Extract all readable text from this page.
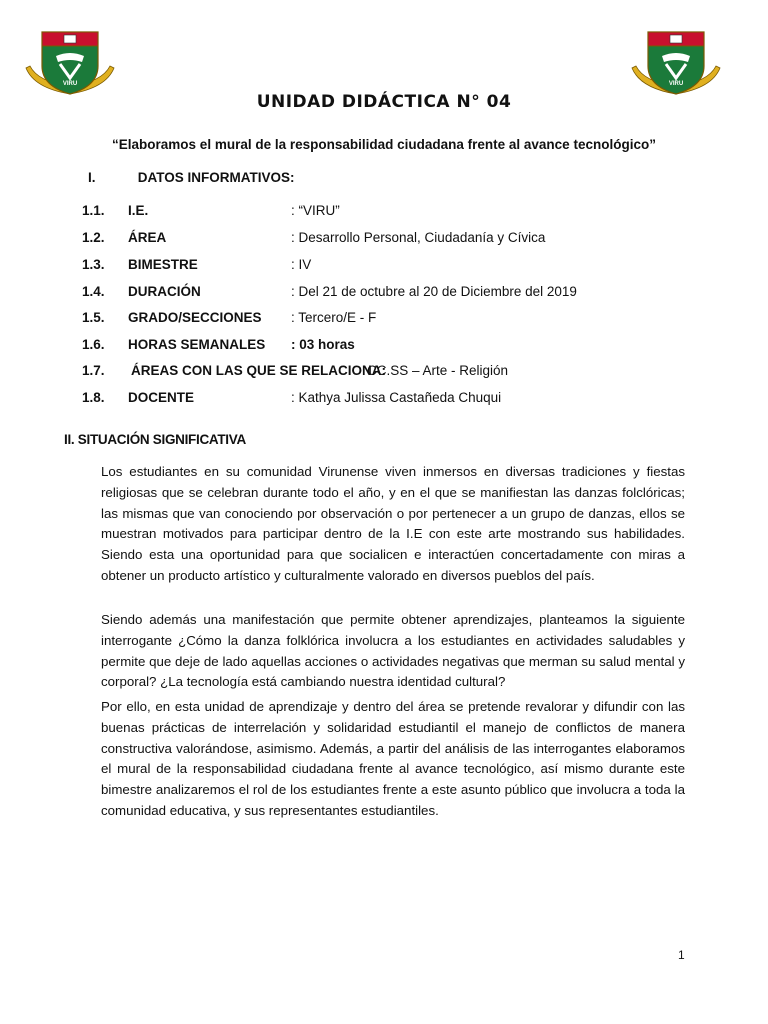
VIRU	VIRU
UNIDAD DIDÁCTICA N° 04

“Elaboramos el mural de la responsabilidad ciudadana frente al avance tecnológico”

I.	DATOS INFORMATIVOS:
1.1. I.E.	: “VIRU”
1.2. ÁREA	: Desarrollo Personal, Ciudadanía y Cívica
1.3. BIMESTRE	: IV
1.4. DURACIÓN	: Del 21 de octubre al 20 de Diciembre del 2019
1.5. GRADO/SECCIONES : Tercero/E - F
1.6. HORAS SEMANALES : 03 horas
1.7. ÁREAS CON LAS QUE SE RELACIONA:
CC.SS – Arte - Religión
1.8. DOCENTE	: Kathya Julissa Castañeda Chuqui
II. SITUACIÓN SIGNIFICATIVA

Los estudiantes en su comunidad Virunense viven inmersos en diversas tradiciones y fiestas religiosas que se celebran durante todo el año, y en el que se manifiestan las danzas folclóricas; las mismas que van conociendo por observación o por pertenecer a un grupo de danzas, ellos se muestran motivados para participar dentro de la I.E con este arte mostrando sus habilidades. Siendo esta una oportunidad para que socialicen e interactúen concertadamente con miras a obtener un producto artístico y culturalmente valorado en diversos pueblos del país.

Siendo además una manifestación que permite obtener aprendizajes, planteamos la siguiente interrogante ¿Cómo la danza folklórica involucra a los estudiantes en actividades saludables y permite que deje de lado aquellas acciones o actividades negativas que merman su salud mental y corporal? ¿La tecnología está cambiando nuestra identidad cultural?

Por ello, en esta unidad de aprendizaje y dentro del área se pretende revalorar y difundir con las buenas prácticas de interrelación y solidaridad estudiantil el manejo de conflictos de manera constructiva valorándose, asimismo. Además, a partir del análisis de las interrogantes elaboramos el mural de la responsabilidad ciudadana frente al avance tecnológico, así mismo durante este bimestre analizaremos el rol de los estudiantes frente a este asunto público que involucra a toda la comunidad educativa, y sus representantes estudiantiles.

1
